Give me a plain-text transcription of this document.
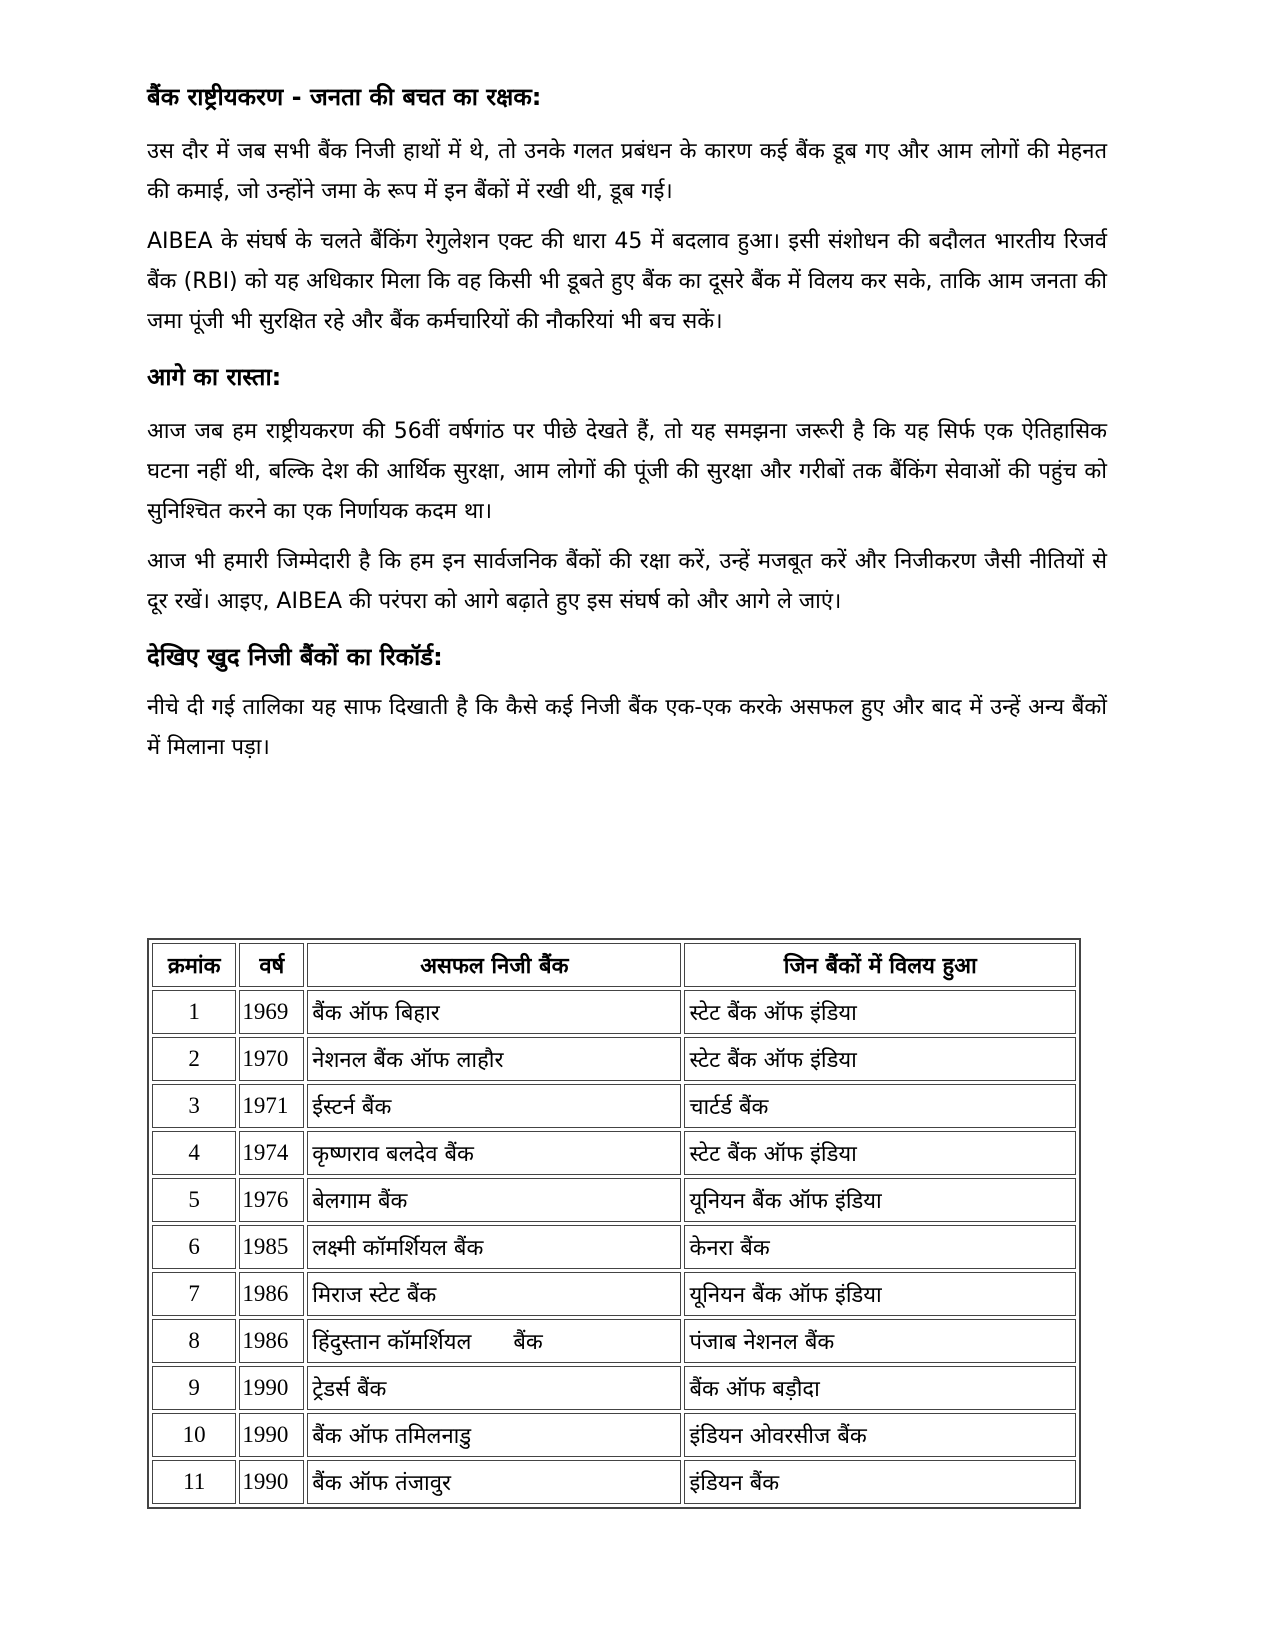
बैंक राष्ट्रीयकरण - जनता की बचत का रक्षक:

उस दौर में जब सभी बैंक निजी हाथों में थे, तो उनके गलत प्रबंधन के कारण कई बैंक डूब गए और आम लोगों की मेहनत की कमाई, जो उन्होंने जमा के रूप में इन बैंकों में रखी थी, डूब गई।

AIBEA के संघर्ष के चलते बैंकिंग रेगुलेशन एक्ट की धारा 45 में बदलाव हुआ। इसी संशोधन की बदौलत भारतीय रिजर्व बैंक (RBI) को यह अधिकार मिला कि वह किसी भी डूबते हुए बैंक का दूसरे बैंक में विलय कर सके, ताकि आम जनता की जमा पूंजी भी सुरक्षित रहे और बैंक कर्मचारियों की नौकरियां भी बच सकें।

आगे का रास्ता:

आज जब हम राष्ट्रीयकरण की 56वीं वर्षगांठ पर पीछे देखते हैं, तो यह समझना जरूरी है कि यह सिर्फ एक ऐतिहासिक घटना नहीं थी, बल्कि देश की आर्थिक सुरक्षा, आम लोगों की पूंजी की सुरक्षा और गरीबों तक बैंकिंग सेवाओं की पहुंच को सुनिश्चित करने का एक निर्णायक कदम था।

आज भी हमारी जिम्मेदारी है कि हम इन सार्वजनिक बैंकों की रक्षा करें, उन्हें मजबूत करें और निजीकरण जैसी नीतियों से दूर रखें। आइए, AIBEA की परंपरा को आगे बढ़ाते हुए इस संघर्ष को और आगे ले जाएं।

देखिए खुद निजी बैंकों का रिकॉर्ड:

नीचे दी गई तालिका यह साफ दिखाती है कि कैसे कई निजी बैंक एक-एक करके असफल हुए और बाद में उन्हें अन्य बैंकों में मिलाना पड़ा।

क्रमांक	वर्ष	असफल निजी बैंक	जिन बैंकों में विलय हुआ
1	1969	बैंक ऑफ बिहार	स्टेट बैंक ऑफ इंडिया
2	1970	नेशनल बैंक ऑफ लाहौर	स्टेट बैंक ऑफ इंडिया
3	1971	ईस्टर्न बैंक	चार्टर्ड बैंक
4	1974	कृष्णराव बलदेव बैंक	स्टेट बैंक ऑफ इंडिया
5	1976	बेलगाम बैंक	यूनियन बैंक ऑफ इंडिया
6	1985	लक्ष्मी कॉमर्शियल बैंक	केनरा बैंक
7	1986	मिराज स्टेट बैंक	यूनियन बैंक ऑफ इंडिया
8	1986	हिंदुस्तान कॉमर्शियल      बैंक	पंजाब नेशनल बैंक
9	1990	ट्रेडर्स बैंक	बैंक ऑफ बड़ौदा
10	1990	बैंक ऑफ तमिलनाडु	इंडियन ओवरसीज बैंक
11	1990	बैंक ऑफ तंजावुर	इंडियन बैंक
